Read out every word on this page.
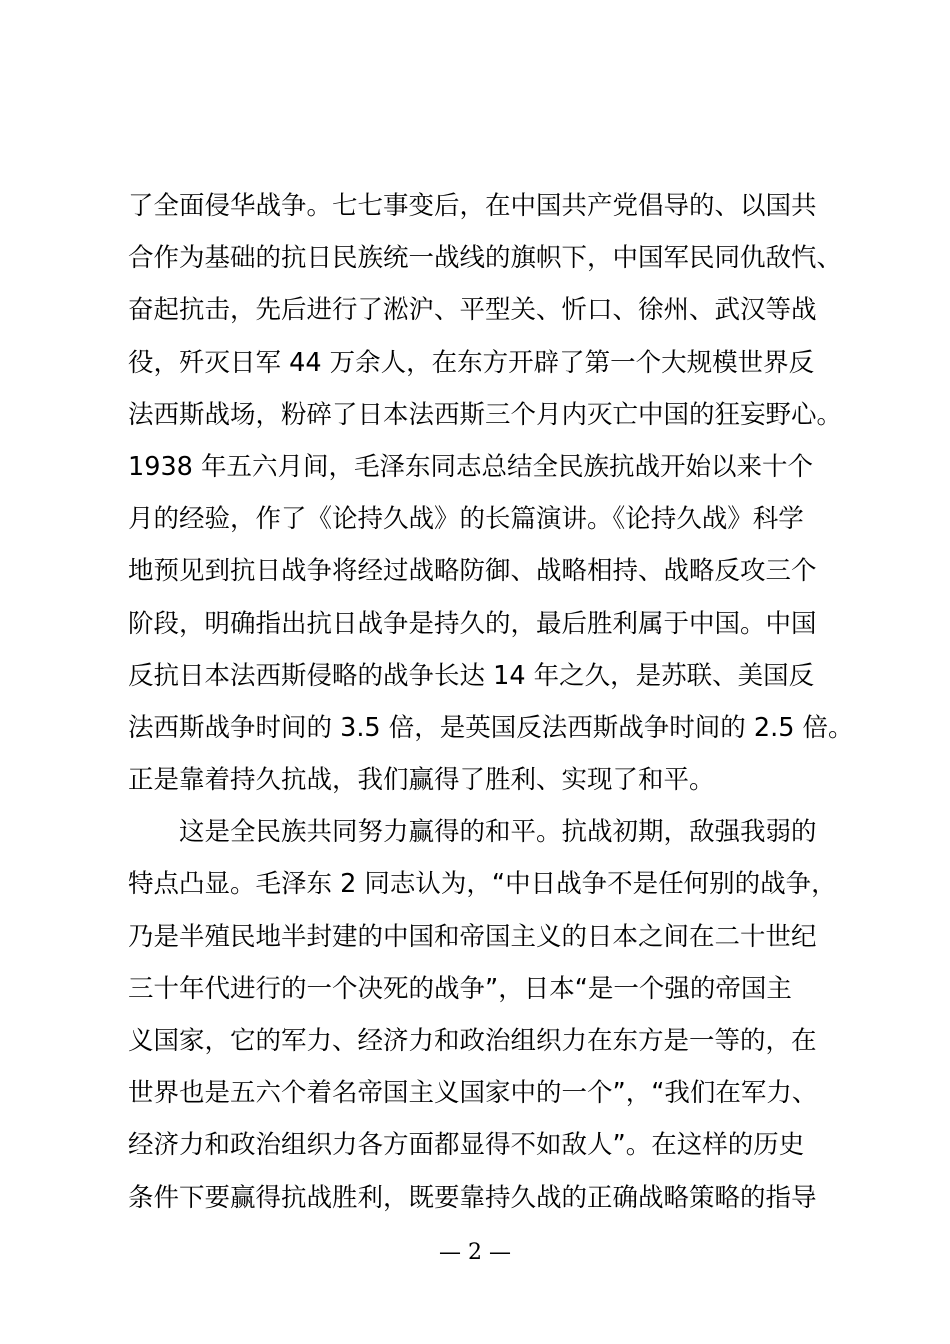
了全面侵华战争。七七事变后，在中国共产党倡导的、以国共
合作为基础的抗日民族统一战线的旗帜下，中国军民同仇敌忾、
奋起抗击，先后进行了淞沪、平型关、忻口、徐州、武汉等战
役，歼灭日军 44 万余人，在东方开辟了第一个大规模世界反
法西斯战场，粉碎了日本法西斯三个月内灭亡中国的狂妄野心。
1938 年五六月间，毛泽东同志总结全民族抗战开始以来十个
月的经验，作了《论持久战》的长篇演讲。《论持久战》科学
地预见到抗日战争将经过战略防御、战略相持、战略反攻三个
阶段，明确指出抗日战争是持久的，最后胜利属于中国。中国
反抗日本法西斯侵略的战争长达 14 年之久，是苏联、美国反
法西斯战争时间的 3.5 倍，是英国反法西斯战争时间的 2.5 倍。
正是靠着持久抗战，我们赢得了胜利、实现了和平。
这是全民族共同努力赢得的和平。抗战初期，敌强我弱的
特点凸显。毛泽东 2 同志认为，“中日战争不是任何别的战争，
乃是半殖民地半封建的中国和帝国主义的日本之间在二十世纪
三十年代进行的一个决死的战争”，日本“是一个强的帝国主
义国家，它的军力、经济力和政治组织力在东方是一等的，在
世界也是五六个着名帝国主义国家中的一个”，“我们在军力、
经济力和政治组织力各方面都显得不如敌人”。在这样的历史
条件下要赢得抗战胜利，既要靠持久战的正确战略策略的指导
— 2 —
